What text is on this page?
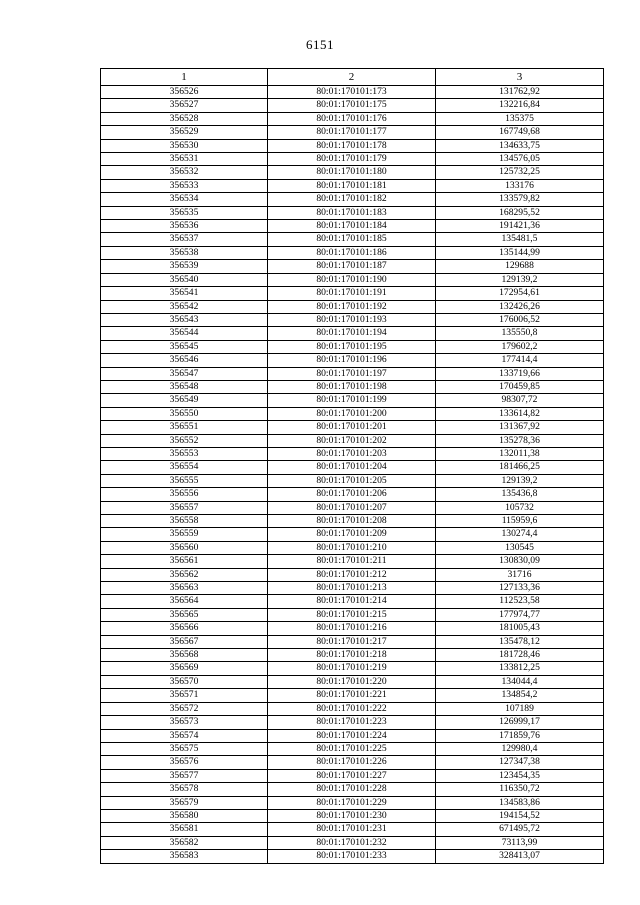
6151
1	2	3
356526	80:01:170101:173	131762,92
356527	80:01:170101:175	132216,84
356528	80:01:170101:176	135375
356529	80:01:170101:177	167749,68
356530	80:01:170101:178	134633,75
356531	80:01:170101:179	134576,05
356532	80:01:170101:180	125732,25
356533	80:01:170101:181	133176
356534	80:01:170101:182	133579,82
356535	80:01:170101:183	168295,52
356536	80:01:170101:184	191421,36
356537	80:01:170101:185	135481,5
356538	80:01:170101:186	135144,99
356539	80:01:170101:187	129688
356540	80:01:170101:190	129139,2
356541	80:01:170101:191	172954,61
356542	80:01:170101:192	132426,26
356543	80:01:170101:193	176006,52
356544	80:01:170101:194	135550,8
356545	80:01:170101:195	179602,2
356546	80:01:170101:196	177414,4
356547	80:01:170101:197	133719,66
356548	80:01:170101:198	170459,85
356549	80:01:170101:199	98307,72
356550	80:01:170101:200	133614,82
356551	80:01:170101:201	131367,92
356552	80:01:170101:202	135278,36
356553	80:01:170101:203	132011,38
356554	80:01:170101:204	181466,25
356555	80:01:170101:205	129139,2
356556	80:01:170101:206	135436,8
356557	80:01:170101:207	105732
356558	80:01:170101:208	115959,6
356559	80:01:170101:209	130274,4
356560	80:01:170101:210	130545
356561	80:01:170101:211	130830,09
356562	80:01:170101:212	31716
356563	80:01:170101:213	127133,36
356564	80:01:170101:214	112523,58
356565	80:01:170101:215	177974,77
356566	80:01:170101:216	181005,43
356567	80:01:170101:217	135478,12
356568	80:01:170101:218	181728,46
356569	80:01:170101:219	133812,25
356570	80:01:170101:220	134044,4
356571	80:01:170101:221	134854,2
356572	80:01:170101:222	107189
356573	80:01:170101:223	126999,17
356574	80:01:170101:224	171859,76
356575	80:01:170101:225	129980,4
356576	80:01:170101:226	127347,38
356577	80:01:170101:227	123454,35
356578	80:01:170101:228	116350,72
356579	80:01:170101:229	134583,86
356580	80:01:170101:230	194154,52
356581	80:01:170101:231	671495,72
356582	80:01:170101:232	73113,99
356583	80:01:170101:233	328413,07
